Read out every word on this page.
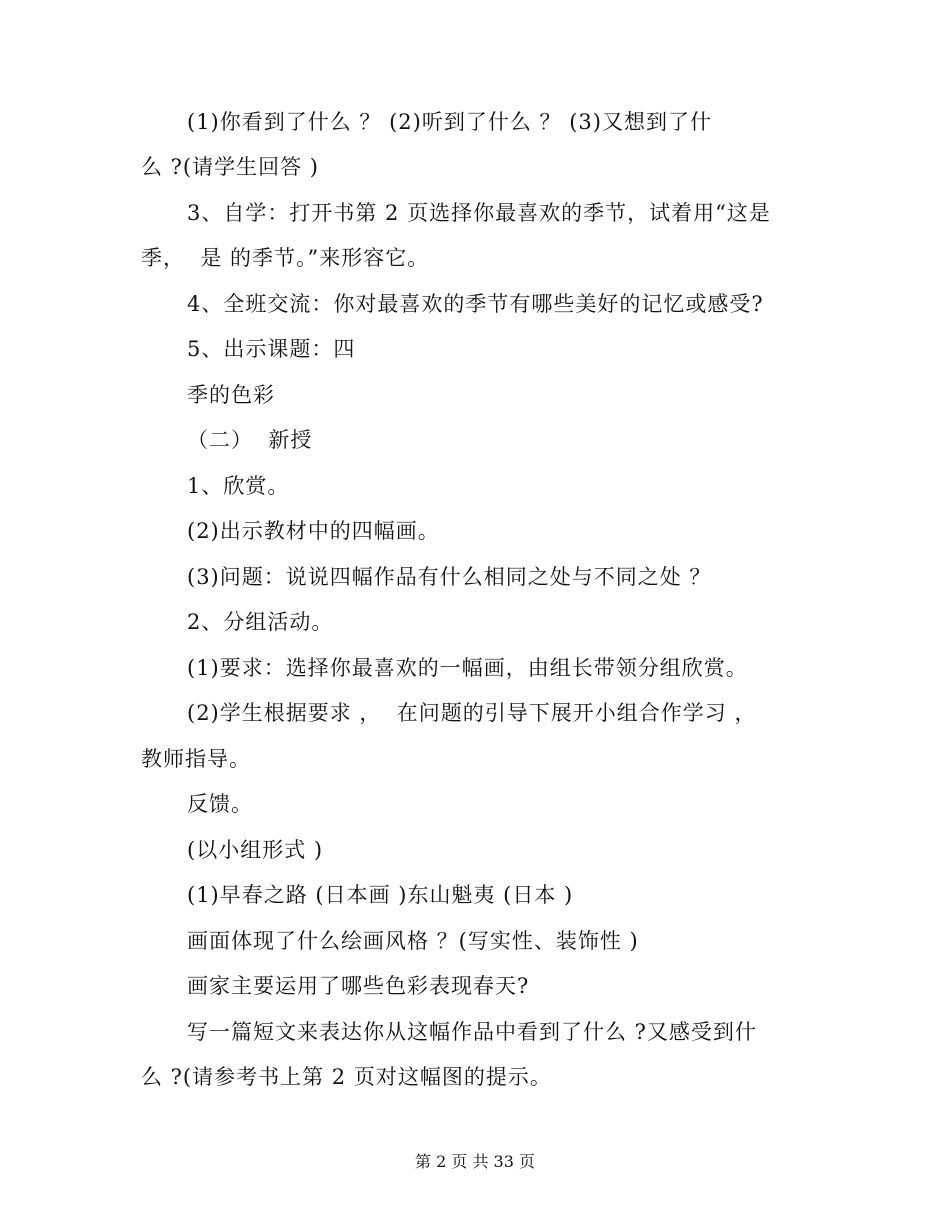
(1)你看到了什么 ？ (2)听到了什么 ？ (3)又想到了什
么 ?(请学生回答 )
3、自学：打开书第 2 页选择你最喜欢的季节，试着用“这是
季，  是 的季节。”来形容它。
4、全班交流：你对最喜欢的季节有哪些美好的记忆或感受?
5、出示课题：四
季的色彩
（二）  新授
1、欣赏。
(2)出示教材中的四幅画。
(3)问题：说说四幅作品有什么相同之处与不同之处 ？
2、分组活动。
(1)要求：选择你最喜欢的一幅画，由组长带领分组欣赏。
(2)学生根据要求 ，  在问题的引导下展开小组合作学习 ，
教师指导。
反馈。
(以小组形式 )
(1)早春之路 (日本画 )东山魁夷 (日本 )
画面体现了什么绘画风格 ？(写实性、装饰性 )
画家主要运用了哪些色彩表现春天?
写一篇短文来表达你从这幅作品中看到了什么 ?又感受到什
么 ?(请参考书上第 2 页对这幅图的提示。
第 2 页 共 33 页
